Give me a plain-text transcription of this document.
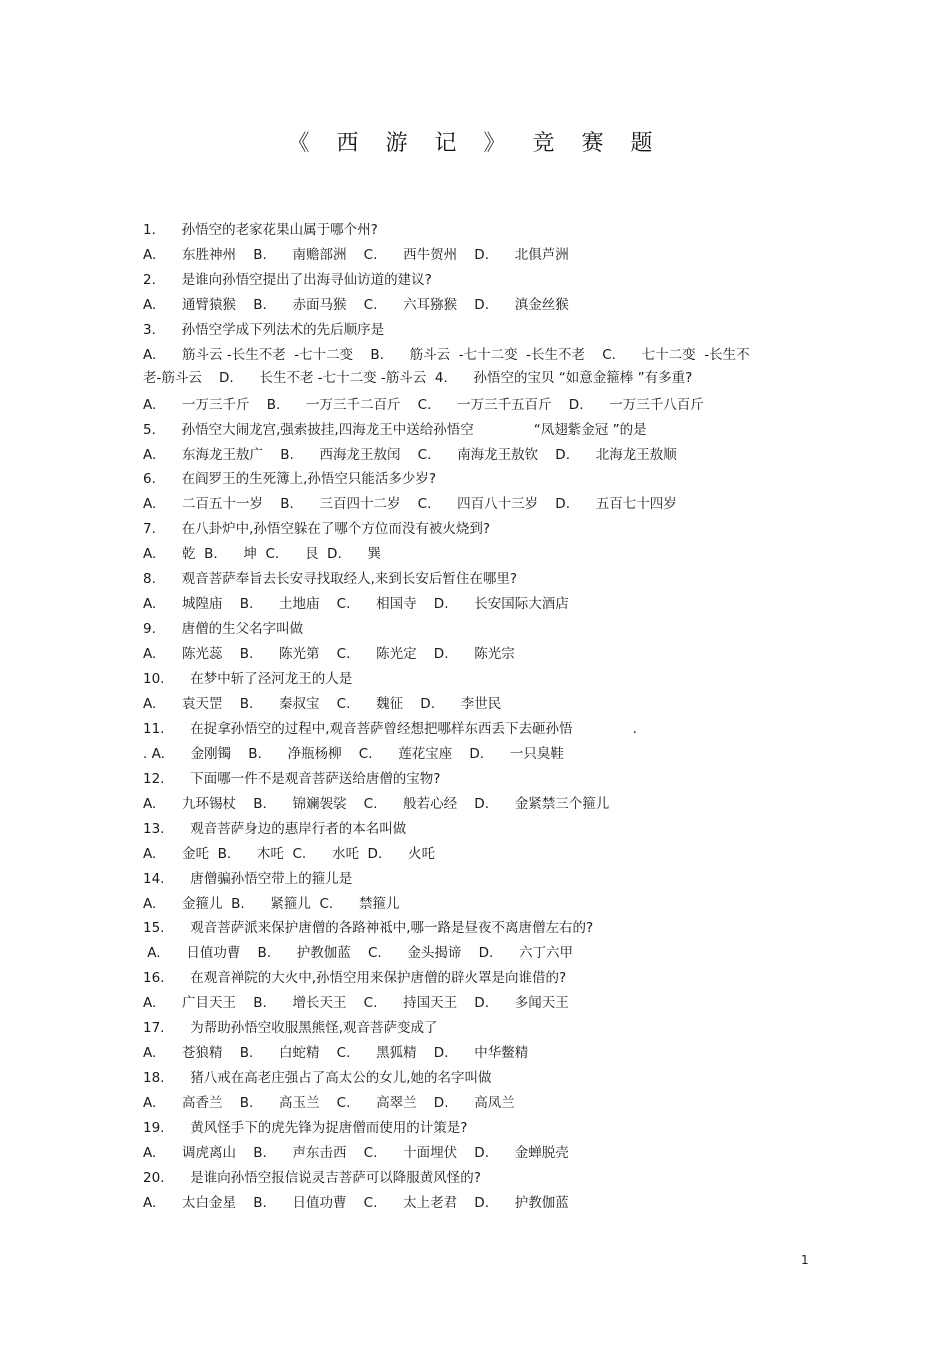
《 西 游 记 》 竞 赛 题
1.      孙悟空的老家花果山属于哪个州?
A.      东胜神州    B.      南赡部洲    C.      西牛贺州    D.      北俱芦洲
2.      是谁向孙悟空提出了出海寻仙访道的建议?
A.      通臂猿猴    B.      赤面马猴    C.      六耳猕猴    D.      滇金丝猴
3.      孙悟空学成下列法术的先后顺序是
A.      筋斗云 -长生不老  -七十二变    B.      筋斗云  -七十二变  -长生不老    C.      七十二变  -长生不
老-筋斗云    D.      长生不老 -七十二变 -筋斗云  4.      孙悟空的宝贝 “如意金箍棒 ”有多重?
A.      一万三千斤    B.      一万三千二百斤    C.      一万三千五百斤    D.      一万三千八百斤
5.      孙悟空大闹龙宫,强索披挂,四海龙王中送给孙悟空              “凤翅紫金冠 ”的是
A.      东海龙王敖广    B.      西海龙王敖闰    C.      南海龙王敖钦    D.      北海龙王敖顺
6.      在阎罗王的生死簿上,孙悟空只能活多少岁?
A.      二百五十一岁    B.      三百四十二岁    C.      四百八十三岁    D.      五百七十四岁
7.      在八卦炉中,孙悟空躲在了哪个方位而没有被火烧到?
A.      乾  B.      坤  C.      艮  D.      巽
8.      观音菩萨奉旨去长安寻找取经人,来到长安后暂住在哪里?
A.      城隍庙    B.      土地庙    C.      相国寺    D.      长安国际大酒店
9.      唐僧的生父名字叫做
A.      陈光蕊    B.      陈光第    C.      陈光定    D.      陈光宗
10.      在梦中斩了泾河龙王的人是
A.      袁天罡    B.      秦叔宝    C.      魏征    D.      李世民
11.      在捉拿孙悟空的过程中,观音菩萨曾经想把哪样东西丢下去砸孙悟              .
. A.      金刚镯    B.      净瓶杨柳    C.      莲花宝座    D.      一只臭鞋
12.      下面哪一件不是观音菩萨送给唐僧的宝物?
A.      九环锡杖    B.      锦斓袈裟    C.      般若心经    D.      金紧禁三个箍儿
13.      观音菩萨身边的惠岸行者的本名叫做
A.      金吒  B.      木吒  C.      水吒  D.      火吒
14.      唐僧骗孙悟空带上的箍儿是
A.      金箍儿  B.      紧箍儿  C.      禁箍儿
15.      观音菩萨派来保护唐僧的各路神祗中,哪一路是昼夜不离唐僧左右的?
A.      日值功曹    B.      护教伽蓝    C.      金头揭谛    D.      六丁六甲
16.      在观音禅院的大火中,孙悟空用来保护唐僧的辟火罩是向谁借的?
A.      广目天王    B.      增长天王    C.      持国天王    D.      多闻天王
17.      为帮助孙悟空收服黑熊怪,观音菩萨变成了
A.      苍狼精    B.      白蛇精    C.      黑狐精    D.      中华鳖精
18.      猪八戒在高老庄强占了高太公的女儿,她的名字叫做
A.      高香兰    B.      高玉兰    C.      高翠兰    D.      高凤兰
19.      黄风怪手下的虎先锋为捉唐僧而使用的计策是?
A.      调虎离山    B.      声东击西    C.      十面埋伏    D.      金蝉脱壳
20.      是谁向孙悟空报信说灵吉菩萨可以降服黄风怪的?
A.      太白金星    B.      日值功曹    C.      太上老君    D.      护教伽蓝
1
